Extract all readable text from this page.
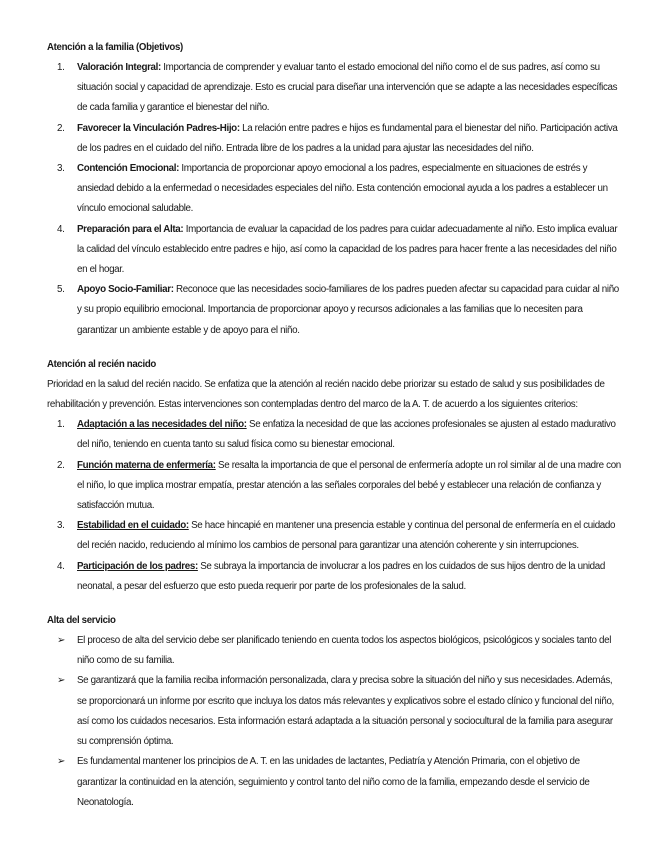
Atención a la familia (Objetivos)
1. Valoración Integral: Importancia de comprender y evaluar tanto el estado emocional del niño como el de sus padres, así como su situación social y capacidad de aprendizaje. Esto es crucial para diseñar una intervención que se adapte a las necesidades específicas de cada familia y garantice el bienestar del niño.
2. Favorecer la Vinculación Padres-Hijo: La relación entre padres e hijos es fundamental para el bienestar del niño. Participación activa de los padres en el cuidado del niño. Entrada libre de los padres a la unidad para ajustar las necesidades del niño.
3. Contención Emocional: Importancia de proporcionar apoyo emocional a los padres, especialmente en situaciones de estrés y ansiedad debido a la enfermedad o necesidades especiales del niño. Esta contención emocional ayuda a los padres a establecer un vínculo emocional saludable.
4. Preparación para el Alta: Importancia de evaluar la capacidad de los padres para cuidar adecuadamente al niño. Esto implica evaluar la calidad del vínculo establecido entre padres e hijo, así como la capacidad de los padres para hacer frente a las necesidades del niño en el hogar.
5. Apoyo Socio-Familiar: Reconoce que las necesidades socio-familiares de los padres pueden afectar su capacidad para cuidar al niño y su propio equilibrio emocional. Importancia de proporcionar apoyo y recursos adicionales a las familias que lo necesiten para garantizar un ambiente estable y de apoyo para el niño.
Atención al recién nacido

Prioridad en la salud del recién nacido. Se enfatiza que la atención al recién nacido debe priorizar su estado de salud y sus posibilidades de rehabilitación y prevención. Estas intervenciones son contempladas dentro del marco de la A. T. de acuerdo a los siguientes criterios:

1. Adaptación a las necesidades del niño: Se enfatiza la necesidad de que las acciones profesionales se ajusten al estado madurativo del niño, teniendo en cuenta tanto su salud física como su bienestar emocional.
2. Función materna de enfermería: Se resalta la importancia de que el personal de enfermería adopte un rol similar al de una madre con el niño, lo que implica mostrar empatía, prestar atención a las señales corporales del bebé y establecer una relación de confianza y satisfacción mutua.
3. Estabilidad en el cuidado: Se hace hincapié en mantener una presencia estable y continua del personal de enfermería en el cuidado del recién nacido, reduciendo al mínimo los cambios de personal para garantizar una atención coherente y sin interrupciones.
4. Participación de los padres: Se subraya la importancia de involucrar a los padres en los cuidados de sus hijos dentro de la unidad neonatal, a pesar del esfuerzo que esto pueda requerir por parte de los profesionales de la salud.
Alta del servicio
➢ El proceso de alta del servicio debe ser planificado teniendo en cuenta todos los aspectos biológicos, psicológicos y sociales tanto del niño como de su familia.
➢ Se garantizará que la familia reciba información personalizada, clara y precisa sobre la situación del niño y sus necesidades. Además, se proporcionará un informe por escrito que incluya los datos más relevantes y explicativos sobre el estado clínico y funcional del niño, así como los cuidados necesarios. Esta información estará adaptada a la situación personal y sociocultural de la familia para asegurar su comprensión óptima.
➢ Es fundamental mantener los principios de A. T. en las unidades de lactantes, Pediatría y Atención Primaria, con el objetivo de garantizar la continuidad en la atención, seguimiento y control tanto del niño como de la familia, empezando desde el servicio de Neonatología.
